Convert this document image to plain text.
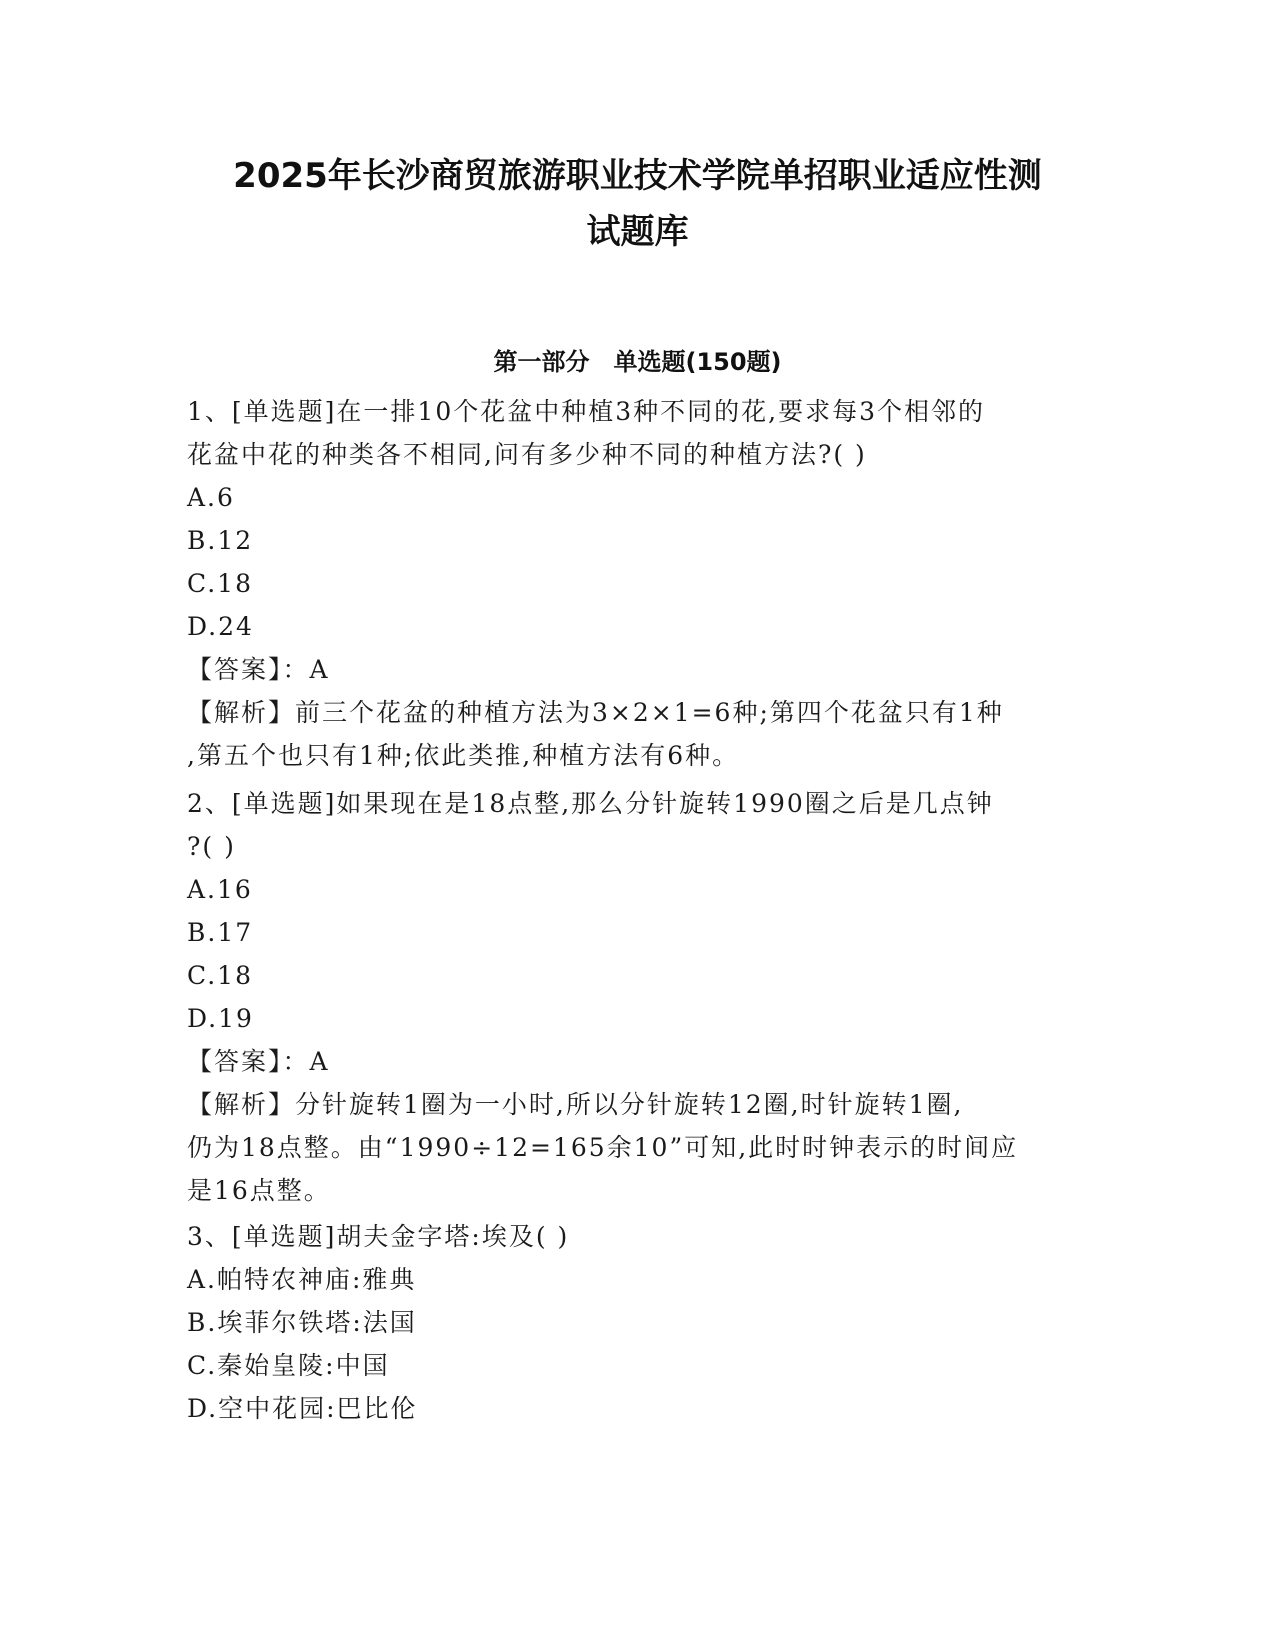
2025年长沙商贸旅游职业技术学院单招职业适应性测
试题库
第一部分　单选题(150题)
1、[单选题]在一排10个花盆中种植3种不同的花,要求每3个相邻的
花盆中花的种类各不相同,问有多少种不同的种植方法?( )
A.6
B.12
C.18
D.24
【答案】：A
【解析】前三个花盆的种植方法为3×2×1=6种;第四个花盆只有1种
,第五个也只有1种;依此类推,种植方法有6种。
2、[单选题]如果现在是18点整,那么分针旋转1990圈之后是几点钟
?( )
A.16
B.17
C.18
D.19
【答案】：A
【解析】分针旋转1圈为一小时,所以分针旋转12圈,时针旋转1圈,
仍为18点整。由“1990÷12=165余10”可知,此时时钟表示的时间应
是16点整。
3、[单选题]胡夫金字塔:埃及( )
A.帕特农神庙:雅典
B.埃菲尔铁塔:法国
C.秦始皇陵:中国
D.空中花园:巴比伦
